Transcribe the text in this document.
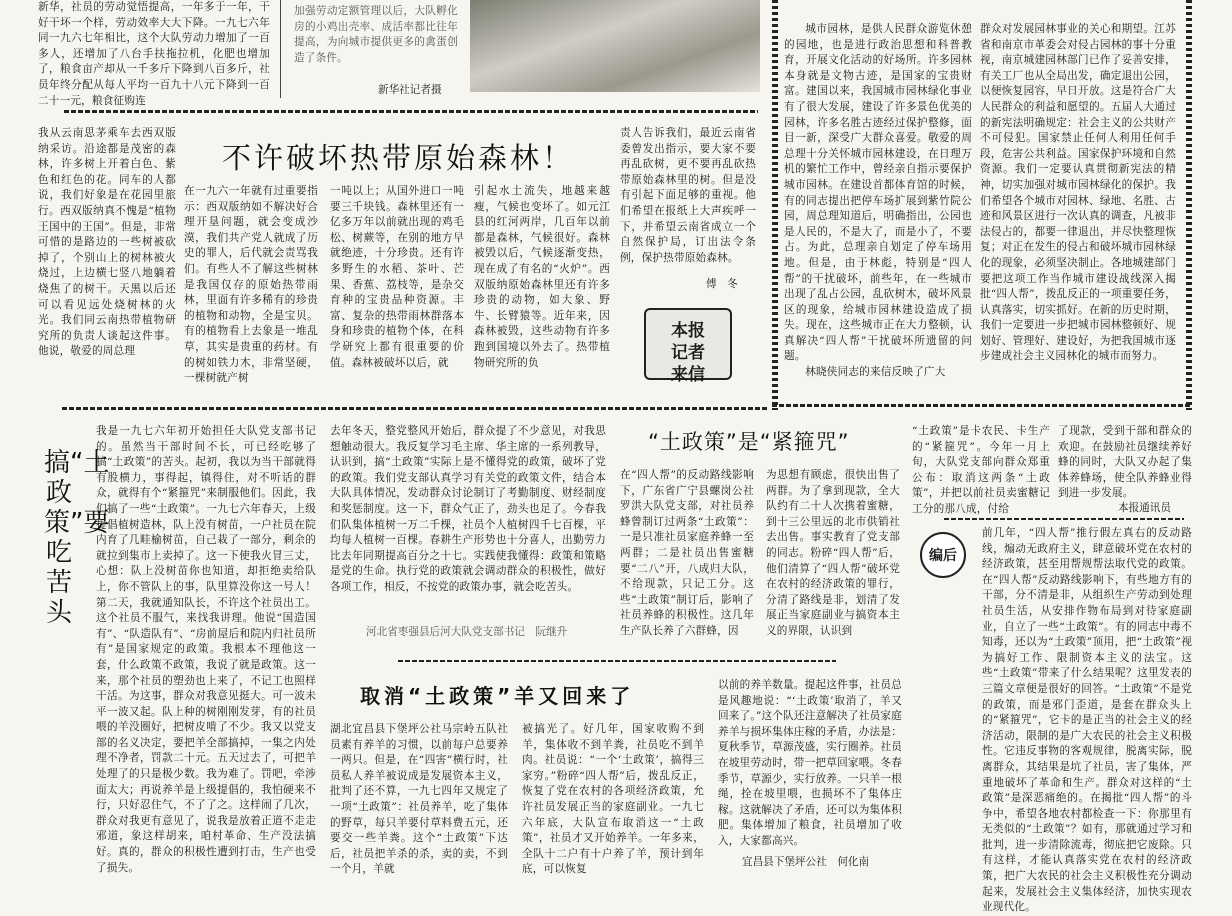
新华，社员的劳动觉悟提高，一年多于一年，干好干坏一个样，劳动效率大大下降。一九七六年同一九六七年相比，这个大队劳动力增加了一百多人，还增加了八台手扶拖拉机，化肥也增加了，粮食亩产却从一千多斤下降到八百多斤，社员年终分配从每人平均一百九十八元下降到一百二十一元，粮食征购连
加强劳动定额管理以后，大队孵化房的小鸡出壳率、成活率都比往年提高，为向城市提供更多的禽蛋创造了条件。
新华社记者摄

城市园林，是供人民群众游览休憩的园地，也是进行政治思想和科普教育，开展文化活动的好场所。许多园林本身就是文物古迹，是国家的宝贵财富。建国以来，我国城市园林绿化事业有了很大发展，建设了许多景色优美的园林，许多名胜古迹经过保护整修，面目一新，深受广大群众喜爱。敬爱的周总理十分关怀城市园林建设，在日理万机的繁忙工作中，曾经亲自指示要保护城市园林。在建设首都体育馆的时候，有的同志提出把停车场扩展到紫竹院公园，周总理知道后，明确指出，公园也是人民的，不是大了，而是小了，不要占。为此，总理亲自划定了停车场用地。但是，由于林彪，特别是“四人帮”的干扰破坏，前些年，在一些城市出现了乱占公园，乱砍树木，破坏风景区的现象，给城市园林建设造成了损失。现在，这些城市正在大力整顿，认真解决“四人帮”干扰破坏所遗留的问题。

林晓侠同志的来信反映了广大

群众对发展园林事业的关心和期望。江苏省和南京市革委会对侵占园林的事十分重视，南京城建园林部门已作了妥善安排，有关工厂也从全局出发，确定退出公园，以便恢复园容，早日开放。这是符合广大人民群众的利益和愿望的。五届人大通过的新宪法明确规定：社会主义的公共财产不可侵犯。国家禁止任何人利用任何手段，危害公共利益。国家保护环境和自然资源。我们一定要认真贯彻新宪法的精神，切实加强对城市园林绿化的保护。我们希望各个城市对园林、绿地、名胜、古迹和风景区进行一次认真的调查，凡被非法侵占的，都要一律退出，并尽快整理恢复；对正在发生的侵占和破坏城市园林绿化的现象，必须坚决制止。各地城建部门要把这项工作当作城市建设战线深入揭批“四人帮”，拨乱反正的一项重要任务，认真落实，切实抓好。在新的历史时期，我们一定要进一步把城市园林整顿好、规划好、管理好、建设好，为把我国城市逐步建成社会主义园林化的城市而努力。
不许破坏热带原始森林！
我从云南思茅乘车去西双版纳采访。沿途都是茂密的森林，许多树上开着白色、紫色和红色的花。同车的人都说，我们好象是在花园里旅行。西双版纳真不愧是“植物王国中的王国”。但是，非常可惜的是路边的一些树被砍掉了，个别山上的树林被火烧过，上边横七竖八地躺着烧焦了的树干。天黑以后还可以看见远处烧树林的火光。我们同云南热带植物研究所的负责人谈起这件事。他说，敬爱的周总理
在一九六一年就有过重要指示：西双版纳如不解决好合理开垦问题，就会变成沙漠，我们共产党人就成了历史的罪人，后代就会责骂我们。有些人不了解这些树林是我国仅存的原始热带雨林，里面有许多稀有的珍贵的植物和动物，全是宝贝。有的植物看上去象是一堆乱草，其实是贵重的药材。有的树如铁力木，非常坚硬，一棵树就产树
一吨以上；从国外进口一吨要三千块钱。森林里还有一亿多万年以前就出现的鸡毛松、树蕨等，在别的地方早就绝迹，十分珍贵。还有许多野生的水稻、茶叶、芒果、香蕉、荔枝等，是杂交育种的宝贵品种资源。丰富、复杂的热带雨林群落本身和珍贵的植物个体，在科学研究上都有很重要的价值。森林被破坏以后，就
引起水土流失，地越来越瘦，气候也变坏了。如元江县的红河两岸，几百年以前都是森林，气候很好。森林被毁以后，气候逐渐变热，现在成了有名的“火炉”。西双版纳原始森林里还有许多珍贵的动物，如大象、野牛、长臂猿等。近年来，因森林被毁，这些动物有许多跑到国境以外去了。热带植物研究所的负
责人告诉我们，最近云南省委曾发出指示，要大家不要再乱砍树，更不要再乱砍热带原始森林里的树。但是没有引起下面足够的重视。他们希望在报纸上大声疾呼一下，并希望云南省成立一个自然保护局，订出法令条例，保护热带原始森林。
傅　冬
本报记者来信
搞“土政策”要吃苦头
我是一九七六年初开始担任大队党支部书记的。虽然当干部时间不长，可已经吃够了搞“土政策”的苦头。起初，我以为当干部就得有股横力，事得起，镇得住，对不听话的群众，就得有个“紧箍咒”来制服他们。因此，我们搞了一些“土政策”。一九七六年春天，上级提倡植树造林，队上没有树苗，一户社员在院内育了几畦榆树苗，自己栽了一部分，剩余的就拉到集市上卖掉了。这一下使我火冒三丈，心想：队上没树苗你也知道，却拒绝卖给队上，你不管队上的事，队里算没你这一号人！第二天，我就通知队长，不许这个社员出工。这个社员不服气，来找我讲理。他说“国造国有”、“队造队有”、“房前屋后和院内归社员所有”是国家规定的政策。我根本不理他这一套，什么政策不政策，我说了就是政策。这一来，那个社员的塑劲也上来了，不记工也照样干活。为这事，群众对我意见挺大。可一波未平一波又起。队上种的树刚刚发芽，有的社员喂的羊没圈好，把树皮啃了不少。我又以党支部的名义决定，要把羊全部搞掉，一集之内处理不净者，罚款二十元。五天过去了，可把羊处理了的只是极少数。我为难了。罚吧，牵涉面太大；再说养羊是上级提倡的，我怕硬来不行，只好忍住气，不了了之。这样闹了几次，群众对我更有意见了，说我是放着正道不走走邪道，象这样胡来，咱村革命、生产没法搞好。真的，群众的积极性遭到打击，生产也受了损失。
去年冬天，整党整风开始后，群众提了不少意见，对我思想触动很大。我反复学习毛主席、华主席的一系列教导，认识到，搞“土政策”实际上是不懂得党的政策，破坏了党的政策。我们党支部认真学习有关党的政策文件，结合本大队具体情况，发动群众讨论制订了考勤制度、财经制度和奖惩制度。这一下，群众气正了，劲头也足了。今春我们队集体植树一万二千棵，社员个人植树四千七百棵，平均每人植树一百棵。春耕生产形势也十分喜人，出勤劳力比去年同期提高百分之十七。实践使我懂得：政策和策略是党的生命。执行党的政策就会调动群众的积极性，做好各项工作，相反，不按党的政策办事，就会吃苦头。
河北省枣强县后河大队党支部书记　阮继升
“土政策”是“紧箍咒”
在“四人帮”的反动路线影响下，广东省广宁县螺岗公社罗洪大队党支部，对社员养蜂曾制订过两条“土政策”：一是只准社员家庭养蜂一至两群；二是社员出售蜜糖要“二八”开，八成归大队，不给现款，只记工分。这些“土政策”制订后，影响了社员养蜂的积极性。这几年生产队长养了六群蜂，因
为思想有顾虑，很快出售了两群。为了拿到现款，全大队约有二十人次携着蜜糖，到十三公里远的北市供销社去出售。事实教育了党支部的同志。粉碎“四人帮”后，他们清算了“四人帮”破坏党在农村的经济政策的罪行，分清了路线是非，划清了发展正当家庭副业与搞资本主义的界限，认识到
“土政策”是卡农民、卡生产的“紧箍咒”。今年一月上旬，大队党支部向群众郑重公布：取消这两条“土政策”，并把以前社员卖蜜糖记工分的那八成，付给
了现款，受到干部和群众的欢迎。在鼓励社员继续养好蜂的同时，大队又办起了集体养蜂场，使全队养蜂业得到进一步发展。
本报通讯员
编后
前几年，“四人帮”推行假左真右的反动路线，煽动无政府主义，肆意破坏党在农村的经济政策，甚至用帮规帮法取代党的政策。在“四人帮”反动路线影响下，有些地方有的干部，分不清是非，从组织生产劳动到处理社员生活，从安排作物布局到对待家庭副业，自立了一些“土政策”。有的同志中毒不知毒，还以为“土政策”顶用，把“土政策”视为搞好工作、限制资本主义的法宝。这些“土政策”带来了什么结果呢？这里发表的三篇文章便是很好的回答。“土政策”不是党的政策，而是邪门歪道，是套在群众头上的“紧箍咒”，它卡的是正当的社会主义的经济活动，限制的是广大农民的社会主义积极性。它违反事物的客观规律，脱离实际，脱离群众，其结果是坑了社员，害了集体，严重地破坏了革命和生产。群众对这样的“土政策”是深恶痛绝的。在揭批“四人帮”的斗争中，希望各地农村都检查一下：你那里有无类似的“土政策”？如有，那就通过学习和批判，进一步清除流毒，彻底把它废除。只有这样，才能认真落实党在农村的经济政策，把广大农民的社会主义积极性充分调动起来，发展社会主义集体经济，加快实现农业现代化。
取消“土政策”羊又回来了
湖北宜昌县下堡坪公社马宗岭五队社员素有养羊的习惯，以前每户总要养一两只。但是，在“四害”横行时，社员私人养羊被说成是发展资本主义，批判了还不算，一九七四年又规定了一项“土政策”：社员养羊，吃了集体的野草，每只羊要付草料费五元，还要交一些羊粪。这个“土政策”下达后，社员把羊杀的杀，卖的卖，不到一个月，羊就
被搞光了。好几年，国家收购不到羊，集体收不到羊粪，社员吃不到羊肉。社员说：“一个‘土政策’，搞得三家穷。”粉碎“四人帮”后，拨乱反正，恢复了党在农村的各项经济政策，允许社员发展正当的家庭副业。一九七六年底，大队宣布取消这一“土政策”，社员才又开始养羊。一年多来，全队十二户有十户养了羊，预计到年底，可以恢复
以前的养羊数量。提起这件事，社员总是风趣地说：“‘土政策’取消了，羊又回来了。”这个队还注意解决了社员家庭养羊与损坏集体庄稼的矛盾，办法是：夏秋季节，草源茂盛，实行圈养。社员在坡里劳动时，带一把草回家喂。冬春季节，草源少，实行放养。一只羊一根绳，拴在坡里喂，也损坏不了集体庄稼。这就解决了矛盾，还可以为集体积肥。集体增加了粮食，社员增加了收入，大家都高兴。
宜昌县下堡坪公社　何化南
